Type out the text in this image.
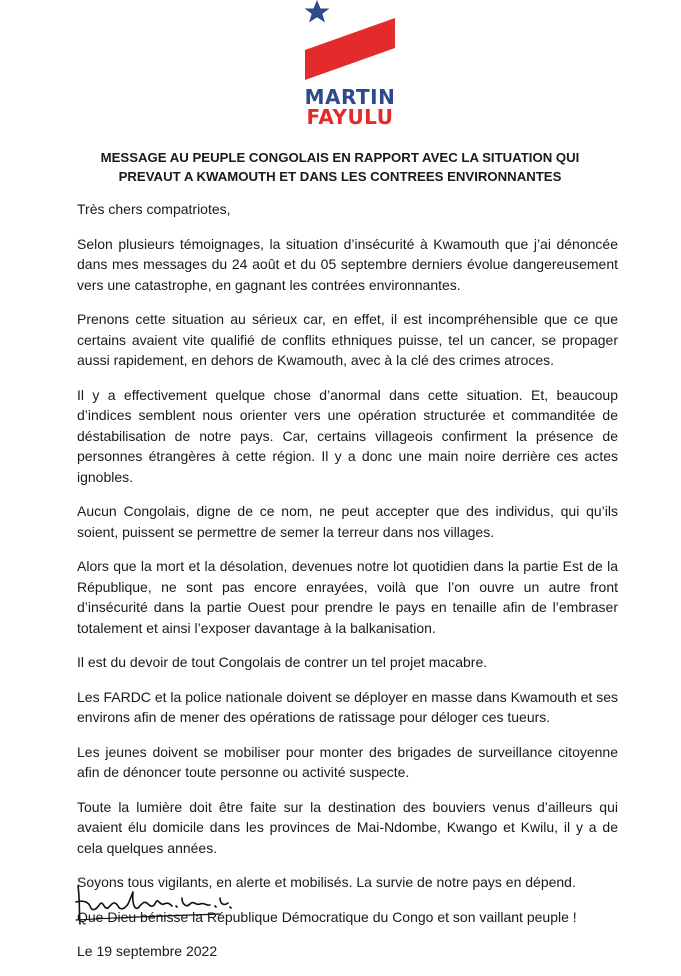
MARTIN
FAYULU
MESSAGE AU PEUPLE CONGOLAIS EN RAPPORT AVEC LA SITUATION QUI PREVAUT A KWAMOUTH ET DANS LES CONTREES ENVIRONNANTES

Très chers compatriotes,

Selon plusieurs témoignages, la situation d’insécurité à Kwamouth que j’ai dénoncée dans mes messages du 24 août et du 05 septembre derniers évolue dangereusement vers une catastrophe, en gagnant les contrées environnantes.

Prenons cette situation au sérieux car, en effet, il est incompréhensible que ce que certains avaient vite qualifié de conflits ethniques puisse, tel un cancer, se propager aussi rapidement, en dehors de Kwamouth, avec à la clé des crimes atroces.

Il y a effectivement quelque chose d’anormal dans cette situation. Et, beaucoup d’indices semblent nous orienter vers une opération structurée et commanditée de déstabilisation de notre pays. Car, certains villageois confirment la présence de personnes étrangères à cette région. Il y a donc une main noire derrière ces actes ignobles.

Aucun Congolais, digne de ce nom, ne peut accepter que des individus, qui qu’ils soient, puissent se permettre de semer la terreur dans nos villages.

Alors que la mort et la désolation, devenues notre lot quotidien dans la partie Est de la République, ne sont pas encore enrayées, voilà que l’on ouvre un autre front d’insécurité dans la partie Ouest pour prendre le pays en tenaille afin de l’embraser totalement et ainsi l’exposer davantage à la balkanisation.

Il est du devoir de tout Congolais de contrer un tel projet macabre.

Les FARDC et la police nationale doivent se déployer en masse dans Kwamouth et ses environs afin de mener des opérations de ratissage pour déloger ces tueurs.

Les jeunes doivent se mobiliser pour monter des brigades de surveillance citoyenne afin de dénoncer toute personne ou activité suspecte.

Toute la lumière doit être faite sur la destination des bouviers venus d’ailleurs qui avaient élu domicile dans les provinces de Mai-Ndombe, Kwango et Kwilu, il y a de cela quelques années.

Soyons tous vigilants, en alerte et mobilisés. La survie de notre pays en dépend.

Que Dieu bénisse la République Démocratique du Congo et son vaillant peuple !

Le 19 septembre 2022
